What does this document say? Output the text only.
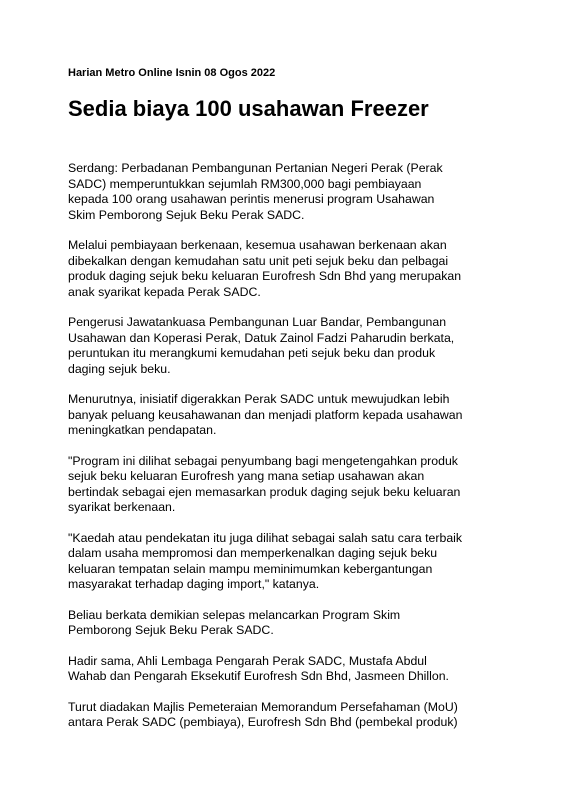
Harian Metro Online Isnin 08 Ogos 2022
Sedia biaya 100 usahawan Freezer

Serdang: Perbadanan Pembangunan Pertanian Negeri Perak (Perak
SADC) memperuntukkan sejumlah RM300,000 bagi pembiayaan
kepada 100 orang usahawan perintis menerusi program Usahawan
Skim Pemborong Sejuk Beku Perak SADC.

Melalui pembiayaan berkenaan, kesemua usahawan berkenaan akan
dibekalkan dengan kemudahan satu unit peti sejuk beku dan pelbagai
produk daging sejuk beku keluaran Eurofresh Sdn Bhd yang merupakan
anak syarikat kepada Perak SADC.

Pengerusi Jawatankuasa Pembangunan Luar Bandar, Pembangunan
Usahawan dan Koperasi Perak, Datuk Zainol Fadzi Paharudin berkata,
peruntukan itu merangkumi kemudahan peti sejuk beku dan produk
daging sejuk beku.

Menurutnya, inisiatif digerakkan Perak SADC untuk mewujudkan lebih
banyak peluang keusahawanan dan menjadi platform kepada usahawan
meningkatkan pendapatan.

"Program ini dilihat sebagai penyumbang bagi mengetengahkan produk
sejuk beku keluaran Eurofresh yang mana setiap usahawan akan
bertindak sebagai ejen memasarkan produk daging sejuk beku keluaran
syarikat berkenaan.

"Kaedah atau pendekatan itu juga dilihat sebagai salah satu cara terbaik
dalam usaha mempromosi dan memperkenalkan daging sejuk beku
keluaran tempatan selain mampu meminimumkan kebergantungan
masyarakat terhadap daging import," katanya.

Beliau berkata demikian selepas melancarkan Program Skim
Pemborong Sejuk Beku Perak SADC.

Hadir sama, Ahli Lembaga Pengarah Perak SADC, Mustafa Abdul
Wahab dan Pengarah Eksekutif Eurofresh Sdn Bhd, Jasmeen Dhillon.

Turut diadakan Majlis Pemeteraian Memorandum Persefahaman (MoU)
antara Perak SADC (pembiaya), Eurofresh Sdn Bhd (pembekal produk)
